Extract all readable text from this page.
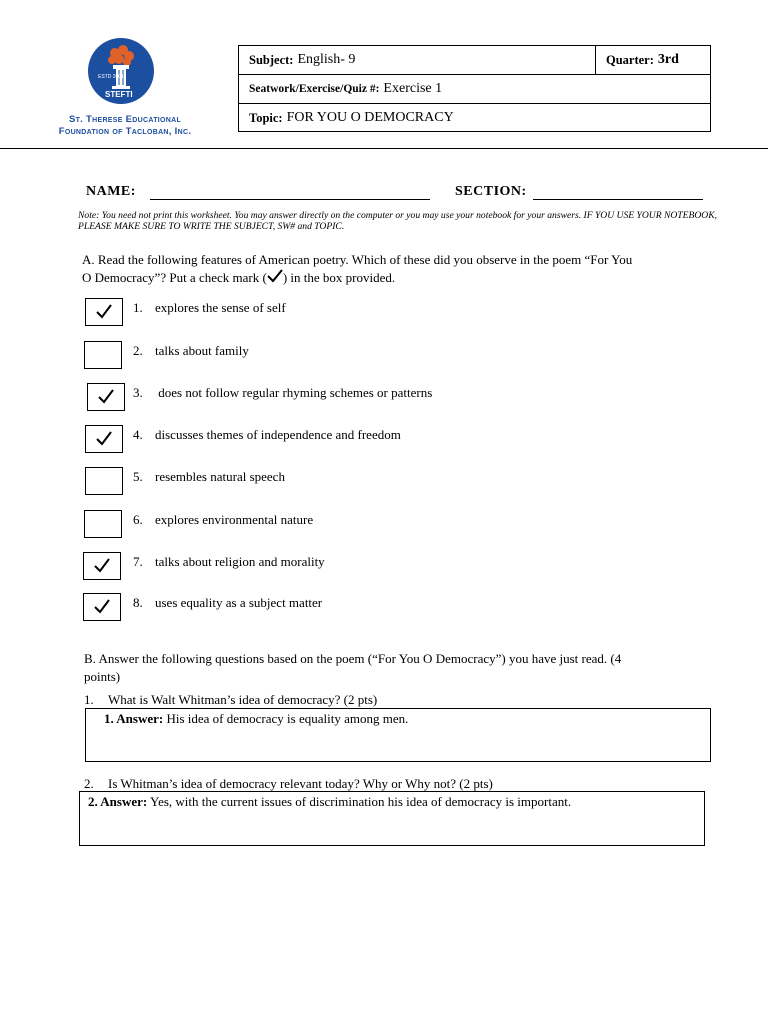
ESTD 2001
STEFTI
St. Therese Educational
Foundation of Tacloban, Inc.
Subject: English- 9	Quarter: 3rd
Seatwork/Exercise/Quiz #: Exercise 1
Topic: FOR YOU O DEMOCRACY
NAME:	SECTION:
Note: You need not print this worksheet. You may answer directly on the computer or you may use your notebook for your answers. IF YOU USE YOUR NOTEBOOK, PLEASE MAKE SURE TO WRITE THE SUBJECT, SW# and TOPIC.
A. Read the following features of American poetry. Which of these did you observe in the poem “For You
O Democracy”? Put a check mark ( ) in the box provided.
1. explores the sense of self
2. talks about family
3. does not follow regular rhyming schemes or patterns
4. discusses themes of independence and freedom
5. resembles natural speech
6. explores environmental nature
7. talks about religion and morality
8. uses equality as a subject matter
B. Answer the following questions based on the poem (“For You O Democracy”) you have just read. (4
points)
1. What is Walt Whitman’s idea of democracy? (2 pts)
1. Answer: His idea of democracy is equality among men.
2. Is Whitman’s idea of democracy relevant today? Why or Why not? (2 pts)
2. Answer: Yes, with the current issues of discrimination his idea of democracy is important.
